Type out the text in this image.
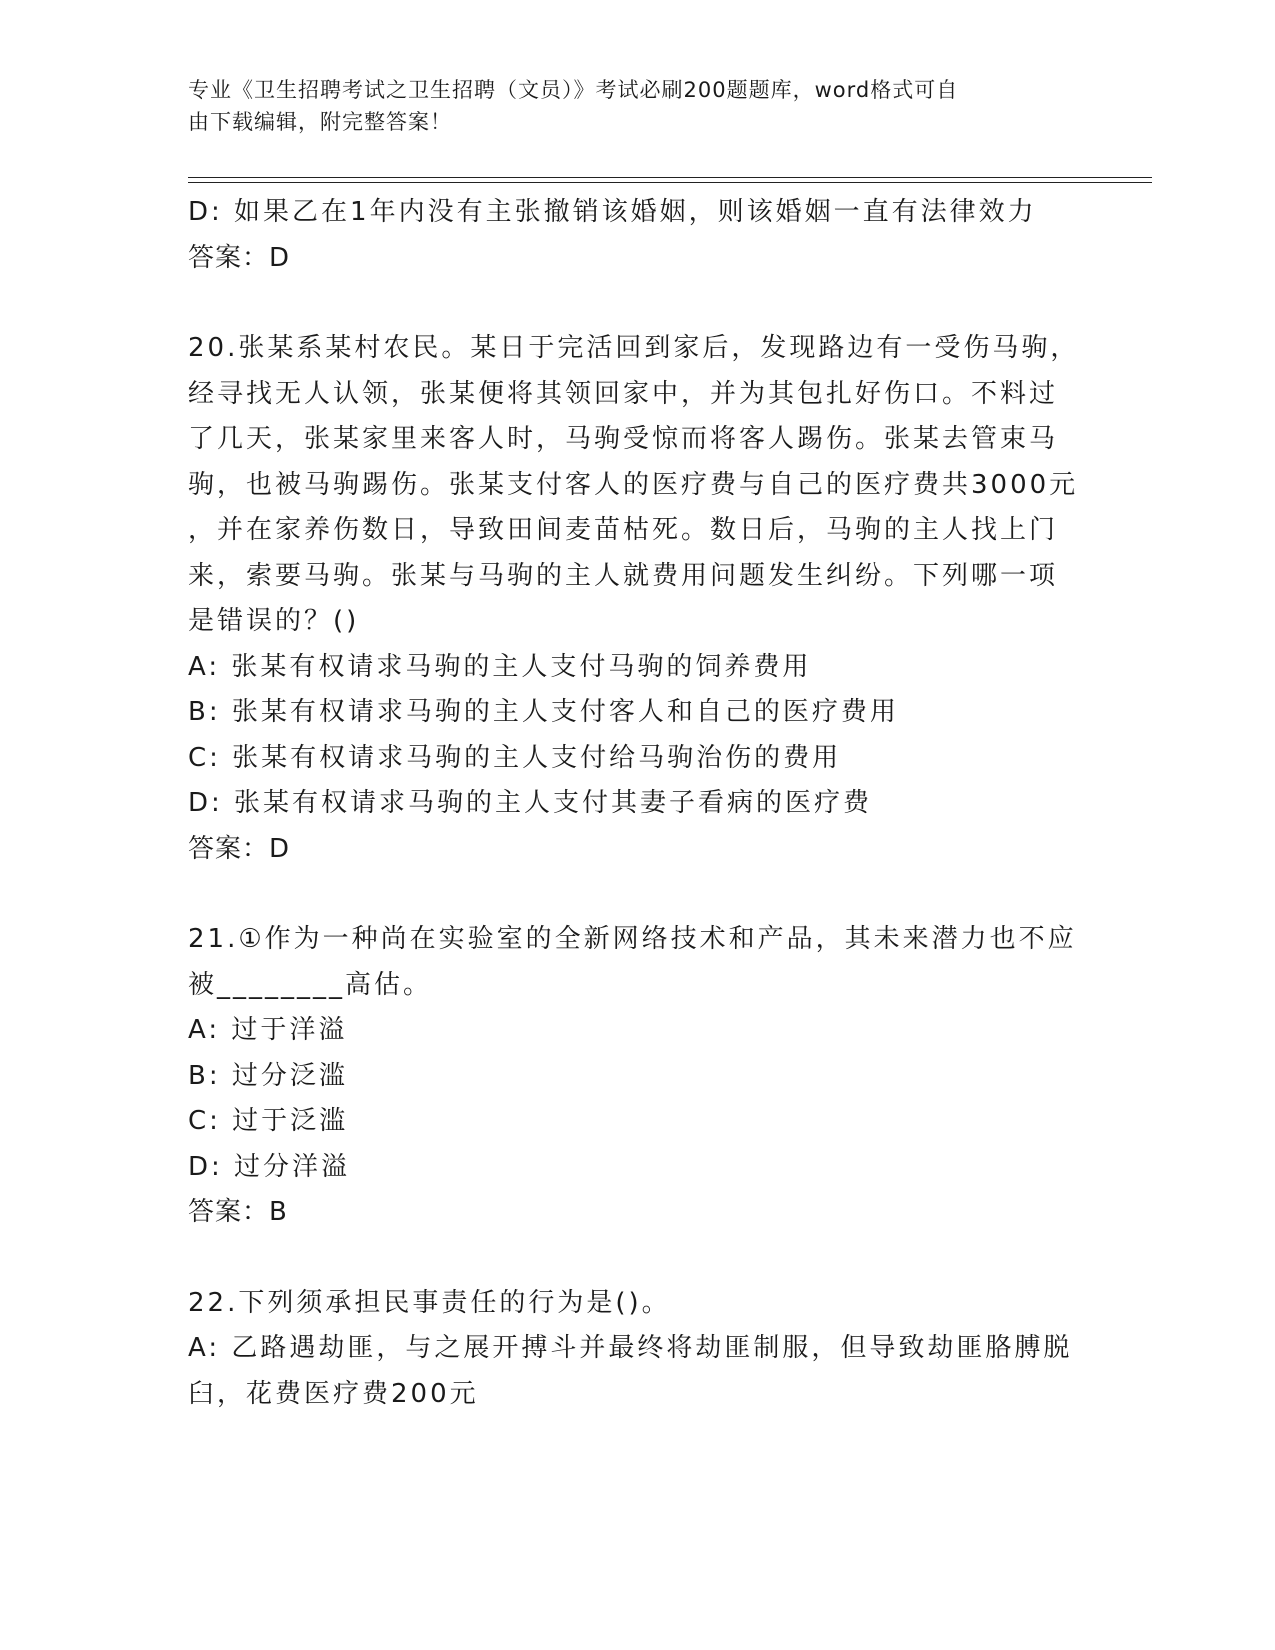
专业《卫生招聘考试之卫生招聘（文员）》考试必刷200题题库，word格式可自
由下载编辑，附完整答案！
D: 如果乙在1年内没有主张撤销该婚姻，则该婚姻一直有法律效力
答案：D
20.张某系某村农民。某日于完活回到家后，发现路边有一受伤马驹，
经寻找无人认领，张某便将其领回家中，并为其包扎好伤口。不料过
了几天，张某家里来客人时，马驹受惊而将客人踢伤。张某去管束马
驹，也被马驹踢伤。张某支付客人的医疗费与自己的医疗费共3000元
，并在家养伤数日，导致田间麦苗枯死。数日后，马驹的主人找上门
来，索要马驹。张某与马驹的主人就费用问题发生纠纷。下列哪一项
是错误的？()
A: 张某有权请求马驹的主人支付马驹的饲养费用
B: 张某有权请求马驹的主人支付客人和自己的医疗费用
C: 张某有权请求马驹的主人支付给马驹治伤的费用
D: 张某有权请求马驹的主人支付其妻子看病的医疗费
答案：D
21.①作为一种尚在实验室的全新网络技术和产品，其未来潜力也不应
被________高估。
A: 过于洋溢
B: 过分泛滥
C: 过于泛滥
D: 过分洋溢
答案：B
22.下列须承担民事责任的行为是()。
A: 乙路遇劫匪，与之展开搏斗并最终将劫匪制服，但导致劫匪胳膊脱
臼，花费医疗费200元
